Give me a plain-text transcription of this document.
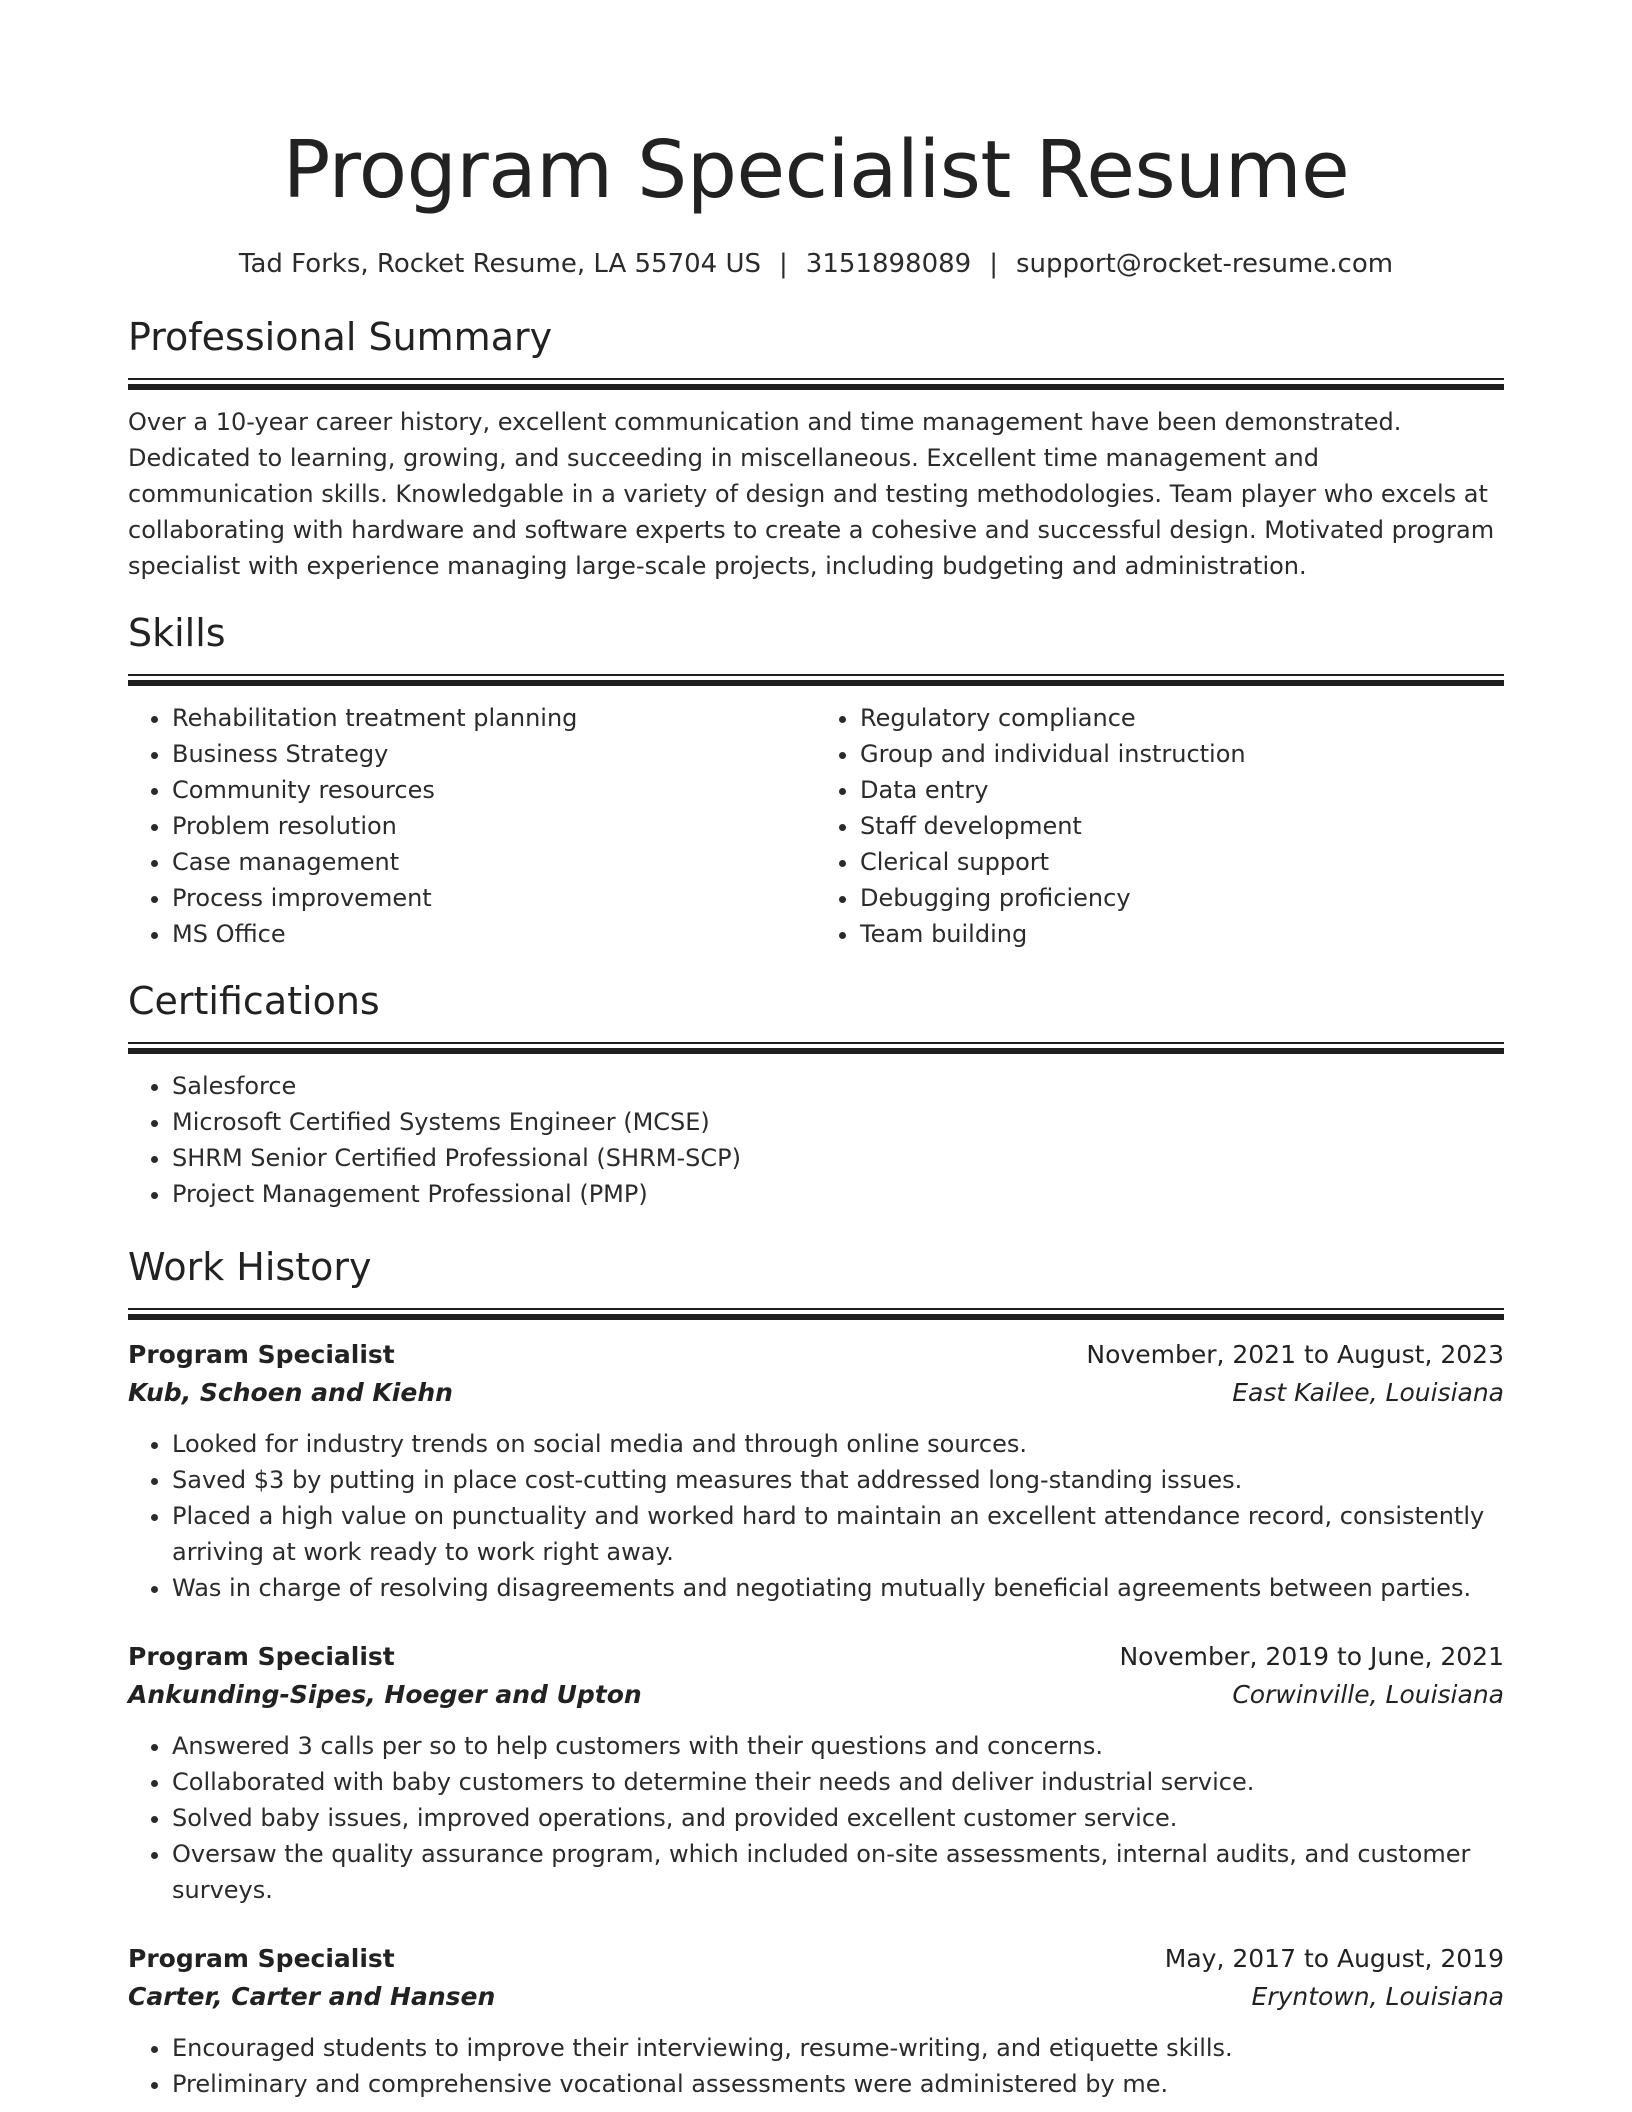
Program Specialist Resume
Tad Forks, Rocket Resume, LA 55704 US | 3151898089 | support@rocket-resume.com
Professional Summary

Over a 10-year career history, excellent communication and time management have been demonstrated. Dedicated to learning, growing, and succeeding in miscellaneous. Excellent time management and communication skills. Knowledgable in a variety of design and testing methodologies. Team player who excels at collaborating with hardware and software experts to create a cohesive and successful design. Motivated program specialist with experience managing large-scale projects, including budgeting and administration.

Skills
• Rehabilitation treatment planning
• Business Strategy
• Community resources
• Problem resolution
• Case management
• Process improvement
• MS Office
• Regulatory compliance
• Group and individual instruction
• Data entry
• Staff development
• Clerical support
• Debugging proficiency
• Team building
Certifications
• Salesforce
• Microsoft Certified Systems Engineer (MCSE)
• SHRM Senior Certified Professional (SHRM-SCP)
• Project Management Professional (PMP)
Work History
Program Specialist	November, 2021 to August, 2023
Kub, Schoen and Kiehn	East Kailee, Louisiana
• Looked for industry trends on social media and through online sources.
• Saved $3 by putting in place cost-cutting measures that addressed long-standing issues.
• Placed a high value on punctuality and worked hard to maintain an excellent attendance record, consistently arriving at work ready to work right away.
• Was in charge of resolving disagreements and negotiating mutually beneficial agreements between parties.
Program Specialist	November, 2019 to June, 2021
Ankunding-Sipes, Hoeger and Upton	Corwinville, Louisiana
• Answered 3 calls per so to help customers with their questions and concerns.
• Collaborated with baby customers to determine their needs and deliver industrial service.
• Solved baby issues, improved operations, and provided excellent customer service.
• Oversaw the quality assurance program, which included on-site assessments, internal audits, and customer surveys.
Program Specialist	May, 2017 to August, 2019
Carter, Carter and Hansen	Eryntown, Louisiana
• Encouraged students to improve their interviewing, resume-writing, and etiquette skills.
• Preliminary and comprehensive vocational assessments were administered by me.
